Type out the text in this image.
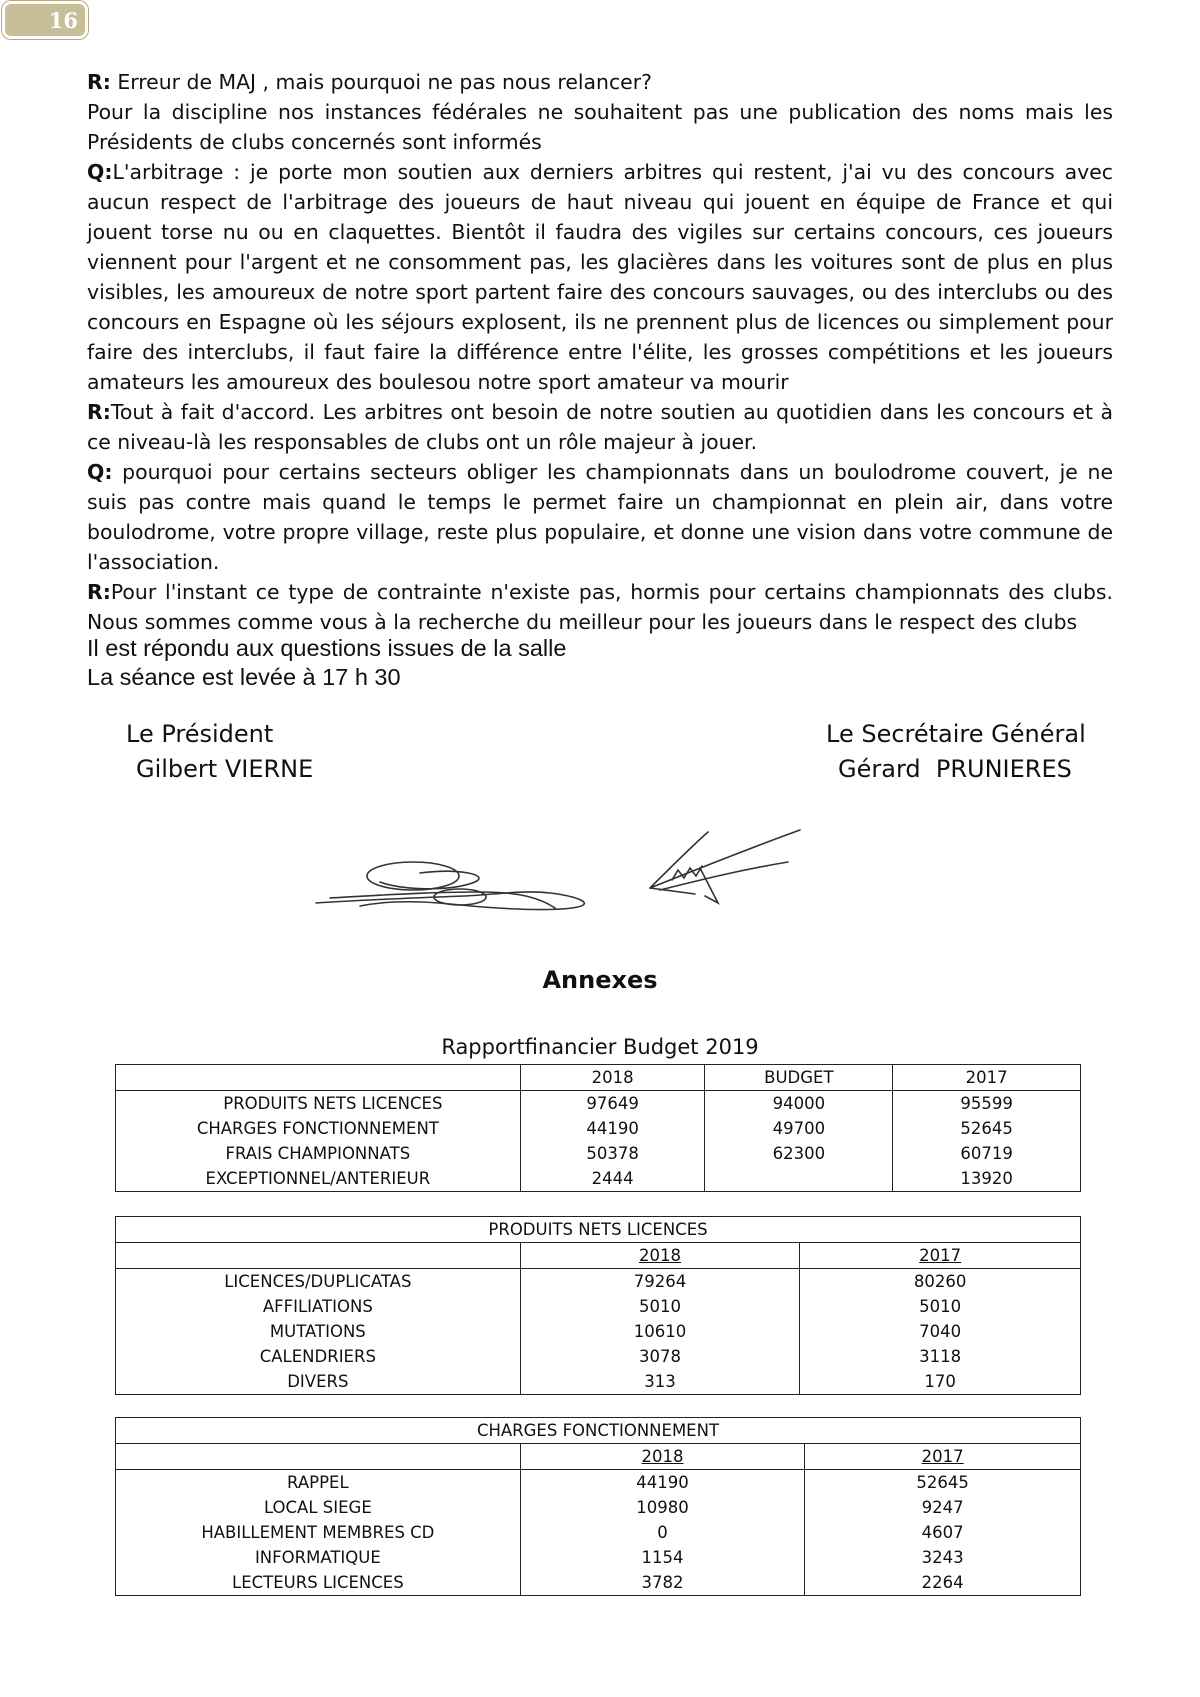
16

R: Erreur de MAJ , mais pourquoi ne pas nous relancer?

Pour la discipline nos instances fédérales ne souhaitent pas une publication des noms mais les Présidents de clubs concernés sont informés

Q:L'arbitrage : je porte mon soutien aux derniers arbitres qui restent, j'ai vu des concours avec aucun respect de l'arbitrage des joueurs de haut niveau qui jouent en équipe de France et qui jouent torse nu ou en claquettes. Bientôt il faudra des vigiles sur certains concours, ces joueurs viennent pour l'argent et ne consomment pas, les glacières dans les voitures sont de plus en plus visibles, les amoureux de notre sport partent faire des concours sauvages, ou des interclubs ou des concours en Espagne où les séjours explosent, ils ne prennent plus de licences ou simplement pour faire des interclubs, il faut faire la différence entre l'élite, les grosses compétitions et les joueurs amateurs les amoureux des boulesou notre sport amateur va mourir

R:Tout à fait d'accord. Les arbitres ont besoin de notre soutien au quotidien dans les concours et à ce niveau-là les responsables de clubs ont un rôle majeur à jouer.

Q: pourquoi pour certains secteurs obliger les championnats dans un boulodrome couvert, je ne suis pas contre mais quand le temps le permet faire un championnat en plein air, dans votre boulodrome, votre propre village, reste plus populaire, et donne une vision dans votre commune de l'association.

R:Pour l'instant ce type de contrainte n'existe pas, hormis pour certains championnats des clubs. Nous sommes comme vous à la recherche du meilleur pour les joueurs dans le respect des clubs

Il est répondu aux questions issues de la salle

La séance est levée à 17 h 30

Le Président

Gilbert VIERNE

Le Secrétaire Général

Gérard  PRUNIERES

Annexes
Rapportfinancier Budget 2019
	2018	BUDGET	2017
PRODUITS NETS LICENCES	97649	94000	95599
CHARGES FONCTIONNEMENT	44190	49700	52645
FRAIS CHAMPIONNATS	50378	62300	60719
EXCEPTIONNEL/ANTERIEUR	2444		13920
PRODUITS NETS LICENCES		
	2018	2017
LICENCES/DUPLICATAS	79264	80260
AFFILIATIONS	5010	5010
MUTATIONS	10610	7040
CALENDRIERS	3078	3118
DIVERS	313	170
CHARGES FONCTIONNEMENT		
	2018	2017
RAPPEL	44190	52645
LOCAL SIEGE	10980	9247
HABILLEMENT MEMBRES CD	0	4607
INFORMATIQUE	1154	3243
LECTEURS LICENCES	3782	2264
